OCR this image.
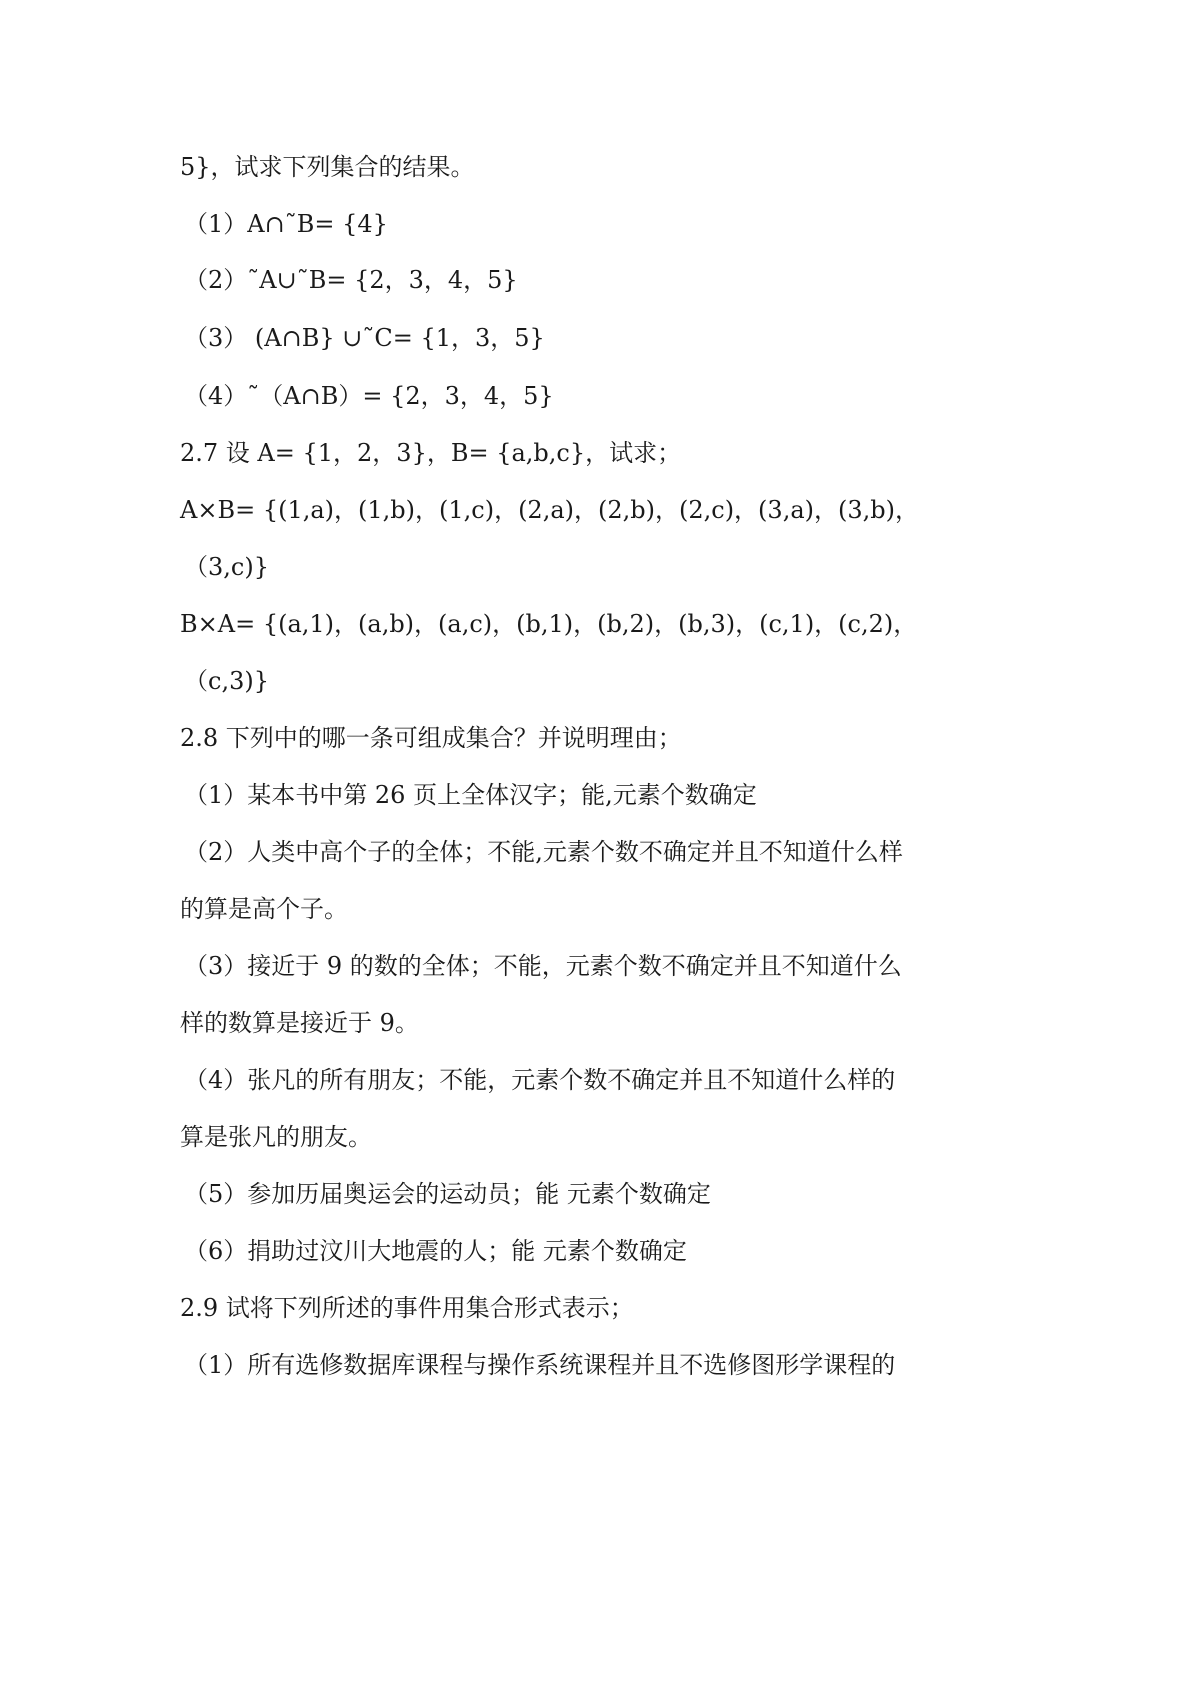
5}，试求下列集合的结果。
（1）A∩˜B= {4}
（2）˜A∪˜B= {2，3，4，5}
（3） (A∩B} ∪˜C= {1，3，5}
（4）˜（A∩B）= {2，3，4，5}
2.7 设 A= {1，2，3}，B= {a,b,c}，试求；
A×B= {(1,a)，(1,b)，(1,c)，(2,a)，(2,b)，(2,c)，(3,a)，(3,b)，
（3,c)}
B×A= {(a,1)，(a,b)，(a,c)，(b,1)，(b,2)，(b,3)，(c,1)，(c,2)，
（c,3)}
2.8 下列中的哪一条可组成集合？并说明理由；
（1）某本书中第 26 页上全体汉字；能,元素个数确定
（2）人类中高个子的全体；不能,元素个数不确定并且不知道什么样
的算是高个子。
（3）接近于 9 的数的全体；不能，元素个数不确定并且不知道什么
样的数算是接近于 9。
（4）张凡的所有朋友；不能，元素个数不确定并且不知道什么样的
算是张凡的朋友。
（5）参加历届奥运会的运动员；能 元素个数确定
（6）捐助过汶川大地震的人；能 元素个数确定
2.9 试将下列所述的事件用集合形式表示；
（1）所有选修数据库课程与操作系统课程并且不选修图形学课程的
